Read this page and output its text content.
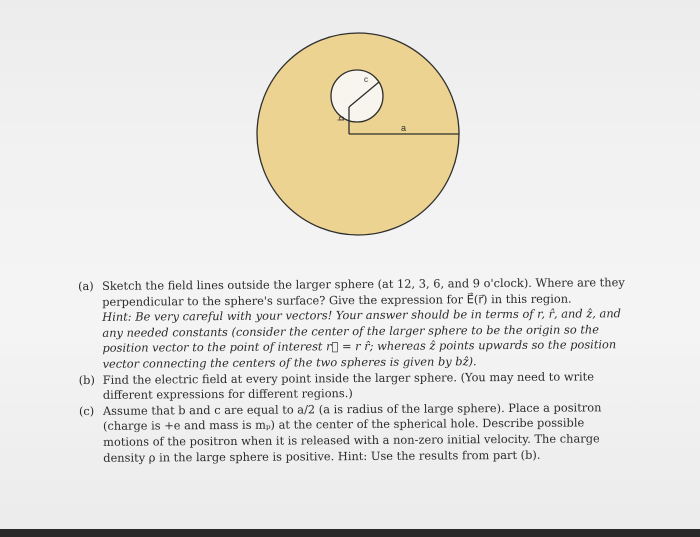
a
b
c
(a) Sketch the field lines outside the larger sphere (at 12, 3, 6, and 9 o'clock). Where are they perpendicular to the sphere's surface? Give the expression for E⃗(r⃗) in this region.
Hint: Be very careful with your vectors! Your answer should be in terms of r, r̂, and ẑ, and any needed constants (consider the center of the larger sphere to be the origin so the position vector to the point of interest r⃗ = r r̂; whereas ẑ points upwards so the position vector connecting the centers of the two spheres is given by bẑ).
(b) Find the electric field at every point inside the larger sphere. (You may need to write different expressions for different regions.)
(c) Assume that b and c are equal to a/2 (a is radius of the large sphere). Place a positron (charge is +e and mass is mₚ) at the center of the spherical hole. Describe possible motions of the positron when it is released with a non-zero initial velocity. The charge density ρ in the large sphere is positive. Hint: Use the results from part (b).
